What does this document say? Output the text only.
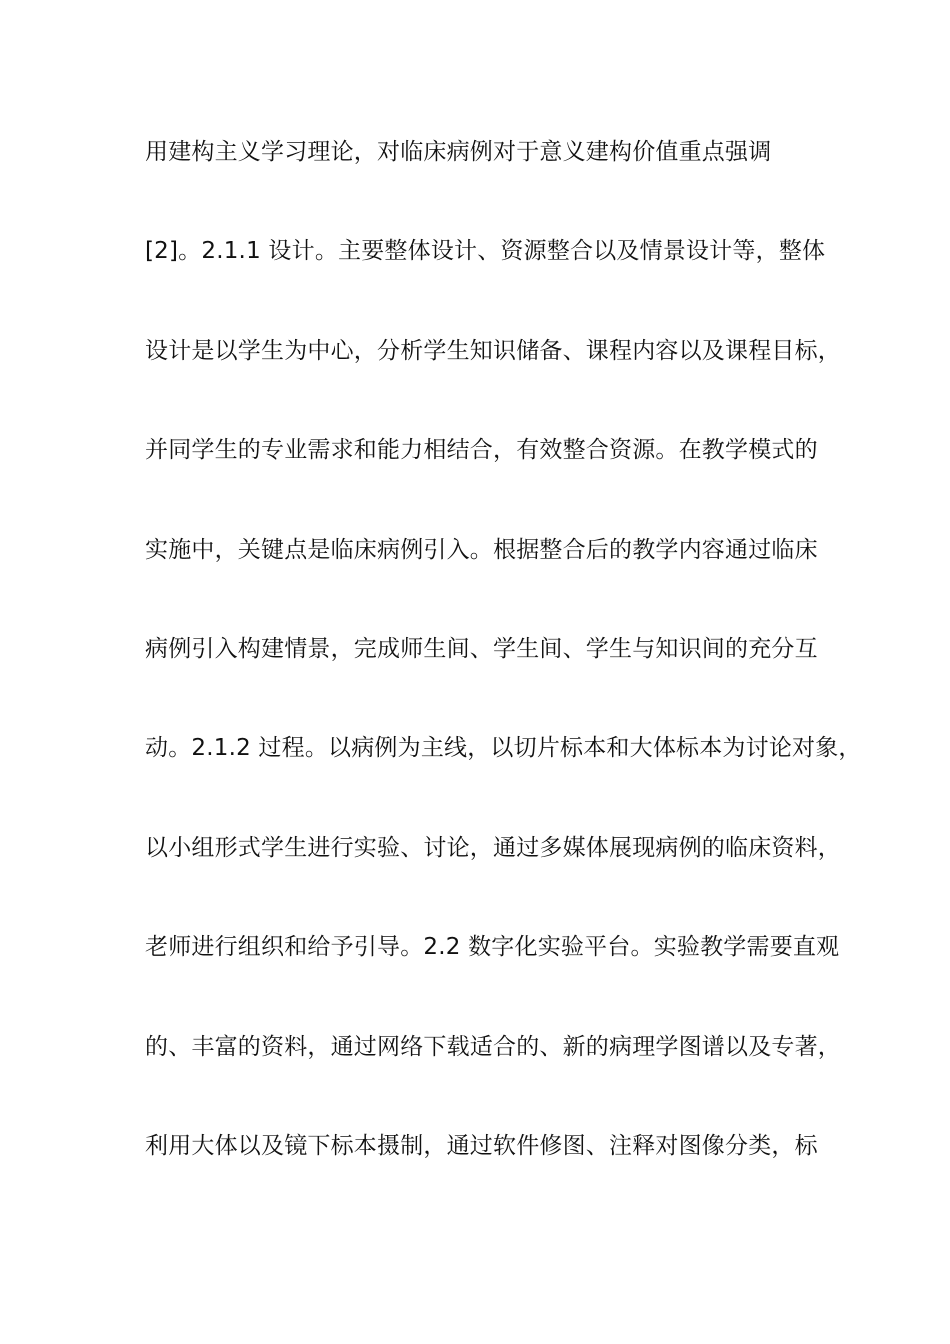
用建构主义学习理论，对临床病例对于意义建构价值重点强调
[2]。2.1.1 设计。主要整体设计、资源整合以及情景设计等，整体
设计是以学生为中心，分析学生知识储备、课程内容以及课程目标，
并同学生的专业需求和能力相结合，有效整合资源。在教学模式的
实施中，关键点是临床病例引入。根据整合后的教学内容通过临床
病例引入构建情景，完成师生间、学生间、学生与知识间的充分互
动。2.1.2 过程。以病例为主线，以切片标本和大体标本为讨论对象，
以小组形式学生进行实验、讨论，通过多媒体展现病例的临床资料，
老师进行组织和给予引导。2.2 数字化实验平台。实验教学需要直观
的、丰富的资料，通过网络下载适合的、新的病理学图谱以及专著，
利用大体以及镜下标本摄制，通过软件修图、注释对图像分类，标
